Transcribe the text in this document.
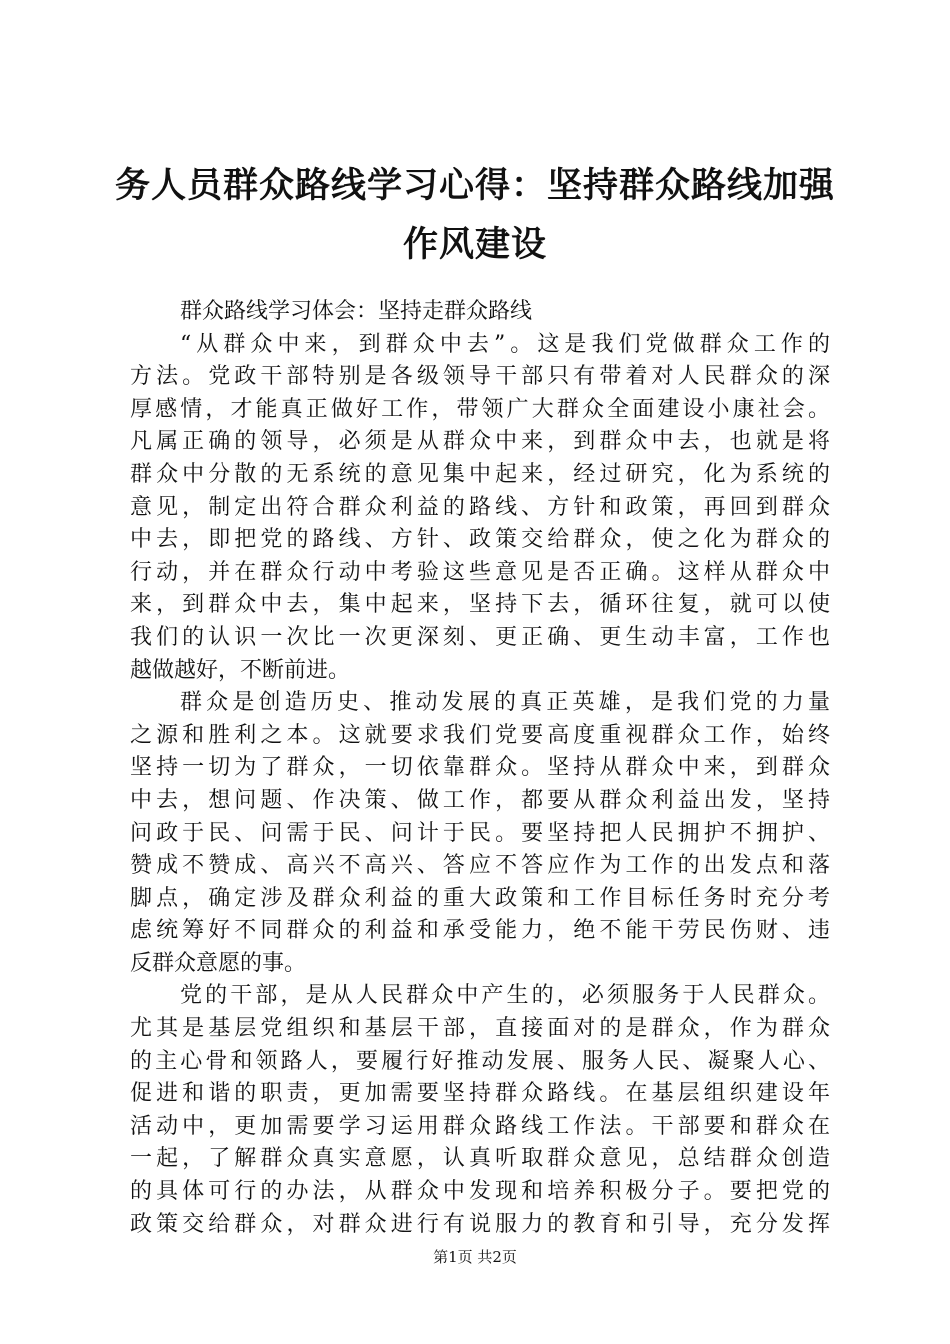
务人员群众路线学习心得：坚持群众路线加强
作风建设
群众路线学习体会：坚持走群众路线
“从群众中来，到群众中去”。这是我们党做群众工作的
方法。党政干部特别是各级领导干部只有带着对人民群众的深
厚感情，才能真正做好工作，带领广大群众全面建设小康社会。
凡属正确的领导，必须是从群众中来，到群众中去，也就是将
群众中分散的无系统的意见集中起来，经过研究，化为系统的
意见，制定出符合群众利益的路线、方针和政策，再回到群众
中去，即把党的路线、方针、政策交给群众，使之化为群众的
行动，并在群众行动中考验这些意见是否正确。这样从群众中
来，到群众中去，集中起来，坚持下去，循环往复，就可以使
我们的认识一次比一次更深刻、更正确、更生动丰富，工作也
越做越好，不断前进。
群众是创造历史、推动发展的真正英雄，是我们党的力量
之源和胜利之本。这就要求我们党要高度重视群众工作，始终
坚持一切为了群众，一切依靠群众。坚持从群众中来，到群众
中去，想问题、作决策、做工作，都要从群众利益出发，坚持
问政于民、问需于民、问计于民。要坚持把人民拥护不拥护、
赞成不赞成、高兴不高兴、答应不答应作为工作的出发点和落
脚点，确定涉及群众利益的重大政策和工作目标任务时充分考
虑统筹好不同群众的利益和承受能力，绝不能干劳民伤财、违
反群众意愿的事。
党的干部，是从人民群众中产生的，必须服务于人民群众。
尤其是基层党组织和基层干部，直接面对的是群众，作为群众
的主心骨和领路人，要履行好推动发展、服务人民、凝聚人心、
促进和谐的职责，更加需要坚持群众路线。在基层组织建设年
活动中，更加需要学习运用群众路线工作法。干部要和群众在
一起，了解群众真实意愿，认真听取群众意见，总结群众创造
的具体可行的办法，从群众中发现和培养积极分子。要把党的
政策交给群众，对群众进行有说服力的教育和引导，充分发挥
第1页 共2页
